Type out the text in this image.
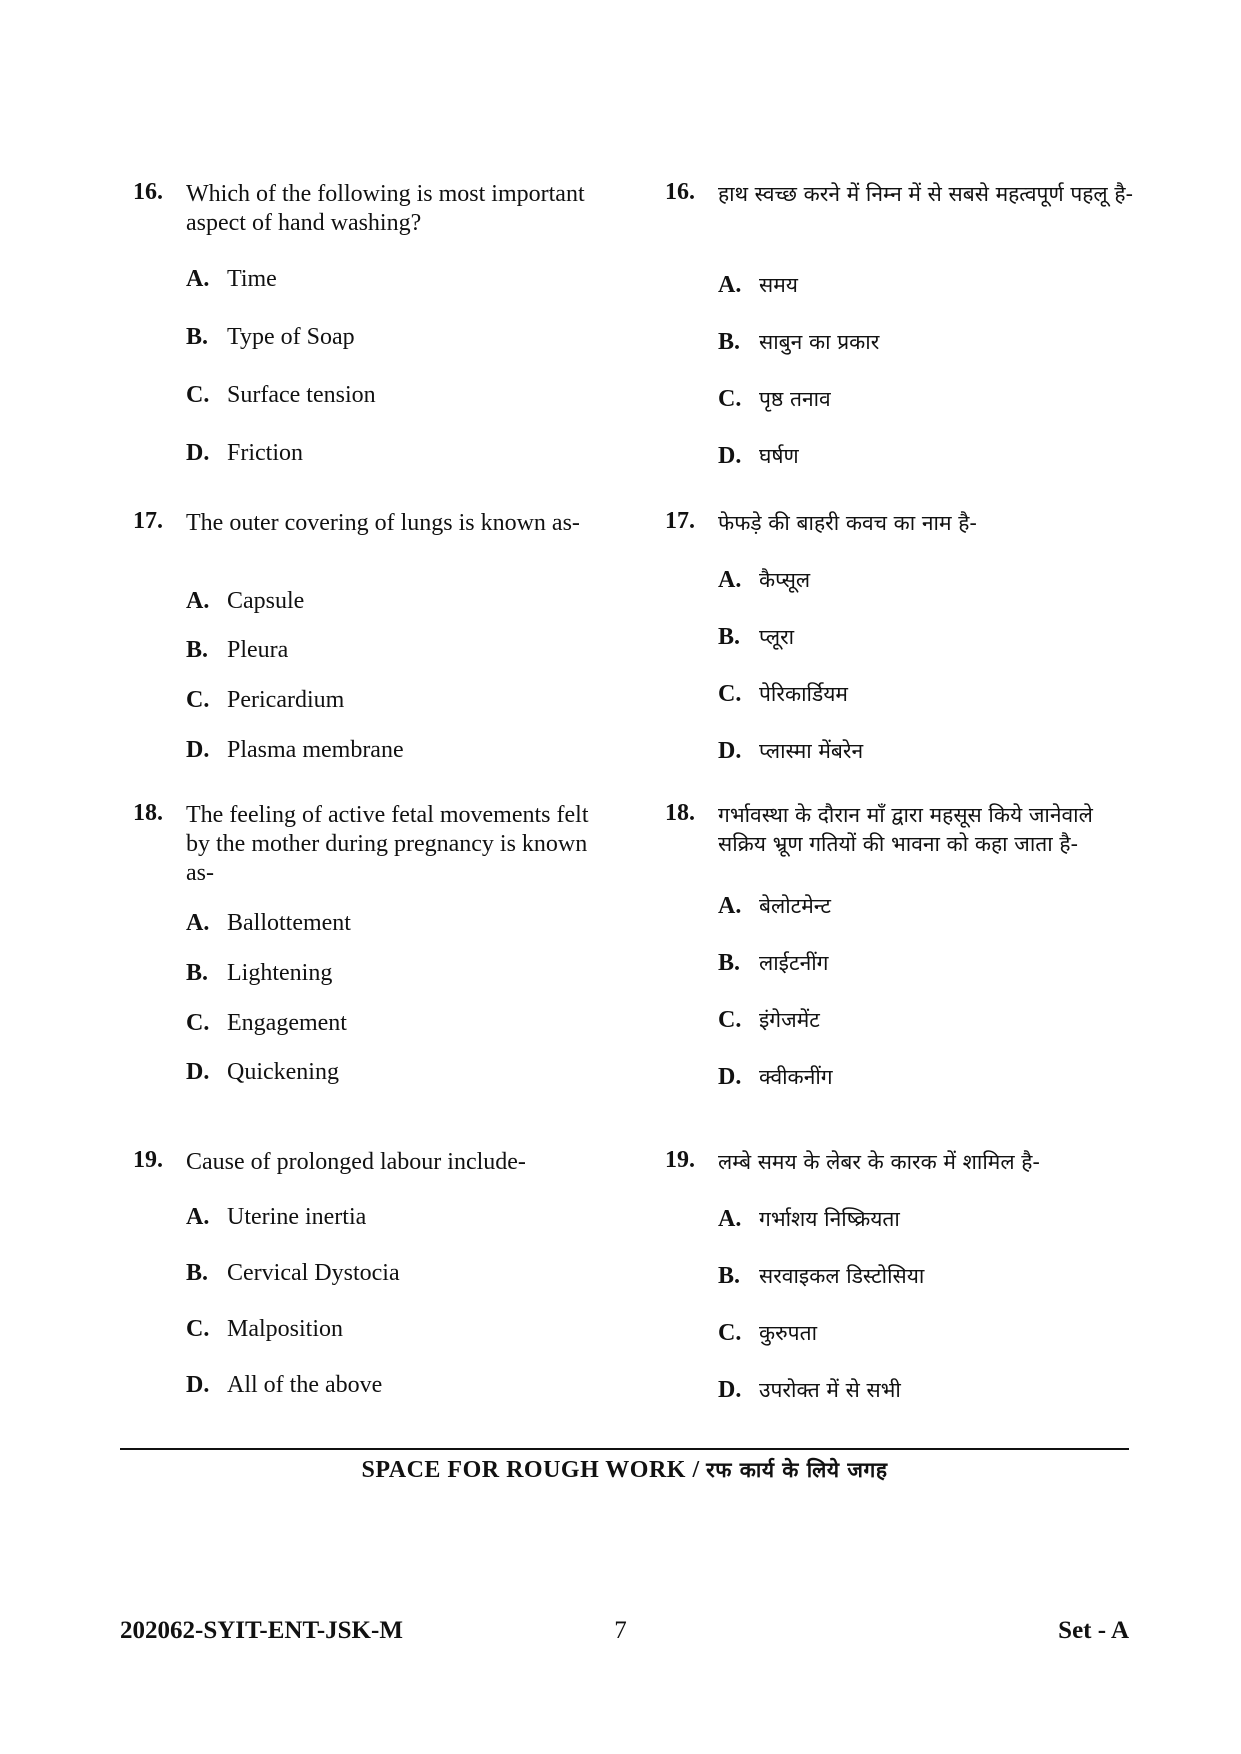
16. Which of the following is most important aspect of hand washing?
A. Time
B. Type of Soap
C. Surface tension
D. Friction
17. The outer covering of lungs is known as-
A. Capsule
B. Pleura
C. Pericardium
D. Plasma membrane
18. The feeling of active fetal movements felt by the mother during pregnancy is known as-
A. Ballottement
B. Lightening
C. Engagement
D. Quickening
19. Cause of prolonged labour include-
A. Uterine inertia
B. Cervical Dystocia
C. Malposition
D. All of the above
16. हाथ स्वच्छ करने में निम्न में से सबसे महत्वपूर्ण पहलू है-
A. समय
B. साबुन का प्रकार
C. पृष्ठ तनाव
D. घर्षण
17. फेफड़े की बाहरी कवच का नाम है-
A. कैप्सूल
B. प्लूरा
C. पेरिकार्डियम
D. प्लास्मा मेंबरेन
18. गर्भावस्था के दौरान माँ द्वारा महसूस किये जानेवाले सक्रिय भ्रूण गतियों की भावना को कहा जाता है-
A. बेलोटमेन्ट
B. लाईटनींग
C. इंगेजमेंट
D. क्वीकनींग
19. लम्बे समय के लेबर के कारक में शामिल है-
A. गर्भाशय निष्क्रियता
B. सरवाइकल डिस्टोसिया
C. कुरुपता
D. उपरोक्त में से सभी
SPACE FOR ROUGH WORK / रफ कार्य के लिये जगह
7
202062-SYIT-ENT-JSK-M	Set - A
